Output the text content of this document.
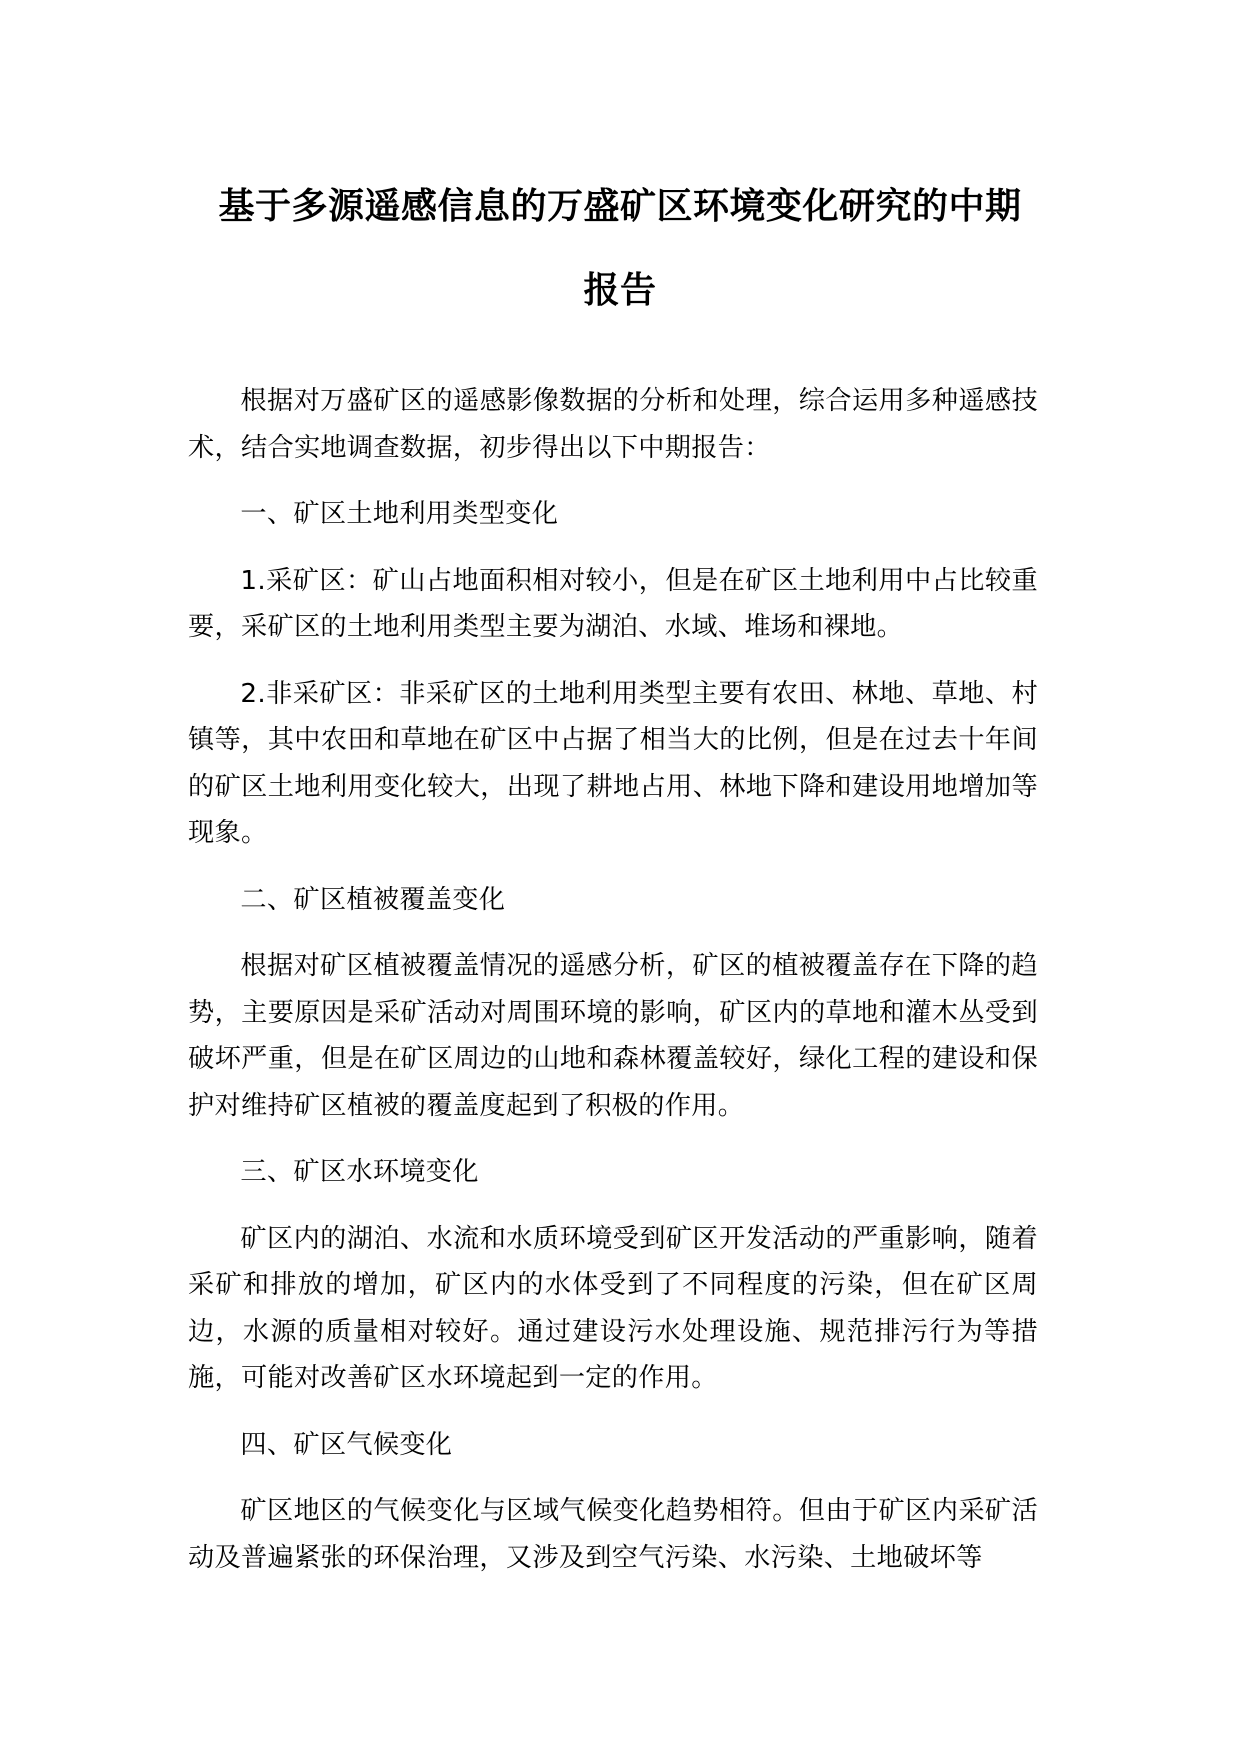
基于多源遥感信息的万盛矿区环境变化研究的中期
报告

根据对万盛矿区的遥感影像数据的分析和处理，综合运用多种遥感技术，结合实地调查数据，初步得出以下中期报告：

一、矿区土地利用类型变化

1.采矿区：矿山占地面积相对较小，但是在矿区土地利用中占比较重要，采矿区的土地利用类型主要为湖泊、水域、堆场和裸地。

2.非采矿区：非采矿区的土地利用类型主要有农田、林地、草地、村镇等，其中农田和草地在矿区中占据了相当大的比例，但是在过去十年间的矿区土地利用变化较大，出现了耕地占用、林地下降和建设用地增加等现象。

二、矿区植被覆盖变化

根据对矿区植被覆盖情况的遥感分析，矿区的植被覆盖存在下降的趋势，主要原因是采矿活动对周围环境的影响，矿区内的草地和灌木丛受到破坏严重，但是在矿区周边的山地和森林覆盖较好，绿化工程的建设和保护对维持矿区植被的覆盖度起到了积极的作用。

三、矿区水环境变化

矿区内的湖泊、水流和水质环境受到矿区开发活动的严重影响，随着采矿和排放的增加，矿区内的水体受到了不同程度的污染，但在矿区周边，水源的质量相对较好。通过建设污水处理设施、规范排污行为等措施，可能对改善矿区水环境起到一定的作用。

四、矿区气候变化

矿区地区的气候变化与区域气候变化趋势相符。但由于矿区内采矿活动及普遍紧张的环保治理，又涉及到空气污染、水污染、土地破坏等
